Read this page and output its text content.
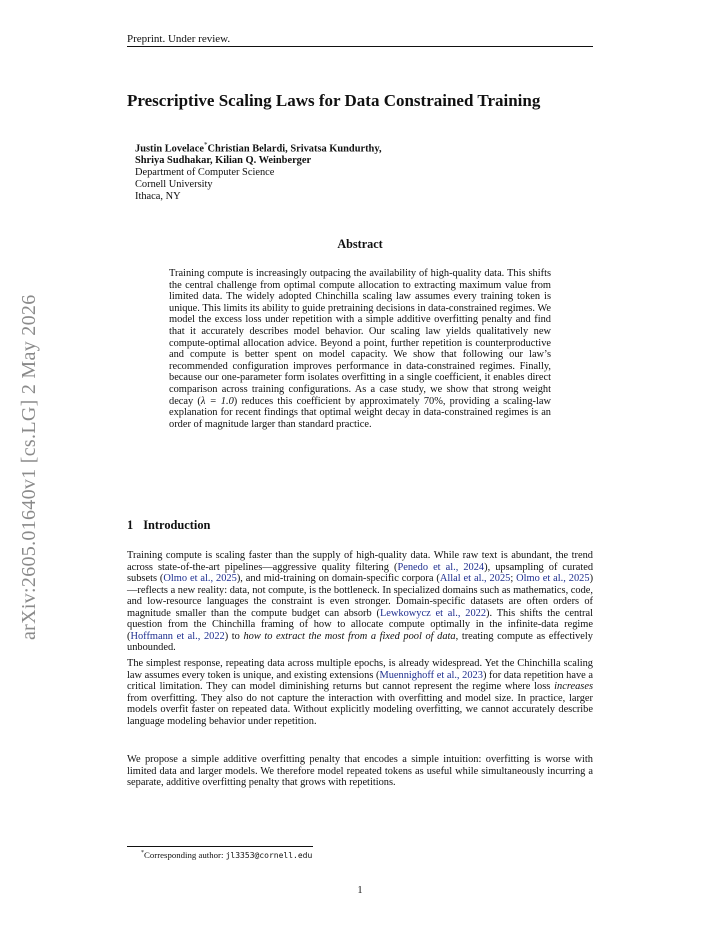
Preprint. Under review.
Prescriptive Scaling Laws for Data Constrained Training
Justin Lovelace*Christian Belardi, Srivatsa Kundurthy,
Shriya Sudhakar, Kilian Q. Weinberger
Department of Computer Science
Cornell University
Ithaca, NY
Abstract
Training compute is increasingly outpacing the availability of high-quality data. This shifts the central challenge from optimal compute allocation to extracting maximum value from limited data. The widely adopted Chinchilla scaling law assumes every training token is unique. This limits its ability to guide pretraining decisions in data-constrained regimes. We model the excess loss under repetition with a simple additive overfitting penalty and find that it accurately describes model behavior. Our scaling law yields qualitatively new compute-optimal allocation advice. Beyond a point, further repetition is counterproductive and compute is better spent on model capacity. We show that following our law’s recommended configuration improves performance in data-constrained regimes. Finally, because our one-parameter form isolates overfitting in a single coefficient, it enables direct comparison across training configurations. As a case study, we show that strong weight decay (λ = 1.0) reduces this coefficient by approximately 70%, providing a scaling-law explanation for recent findings that optimal weight decay in data-constrained regimes is an order of magnitude larger than standard practice.
arXiv:2605.01640v1 [cs.LG] 2 May 2026	1 Introduction
Training compute is scaling faster than the supply of high-quality data. While raw text is abundant, the trend across state-of-the-art pipelines—aggressive quality filtering (Penedo et al., 2024), upsampling of curated subsets (Olmo et al., 2025), and mid-training on domain-specific corpora (Allal et al., 2025; Olmo et al., 2025)—reflects a new reality: data, not compute, is the bottleneck. In specialized domains such as mathematics, code, and low-resource languages the constraint is even stronger. Domain-specific datasets are often orders of magnitude smaller than the compute budget can absorb (Lewkowycz et al., 2022). This shifts the central question from the Chinchilla framing of how to allocate compute optimally in the infinite-data regime (Hoffmann et al., 2022) to how to extract the most from a fixed pool of data, treating compute as effectively unbounded.
The simplest response, repeating data across multiple epochs, is already widespread. Yet the Chinchilla scaling law assumes every token is unique, and existing extensions (Muennighoff et al., 2023) for data repetition have a critical limitation. They can model diminishing returns but cannot represent the regime where loss increases from overfitting. They also do not capture the interaction with overfitting and model size. In practice, larger models overfit faster on repeated data. Without explicitly modeling overfitting, we cannot accurately describe language modeling behavior under repetition.
We propose a simple additive overfitting penalty that encodes a simple intuition: overfitting is worse with limited data and larger models. We therefore model repeated tokens as useful while simultaneously incurring a separate, additive overfitting penalty that grows with repetitions.
*Corresponding author: jl3353@cornell.edu
1
